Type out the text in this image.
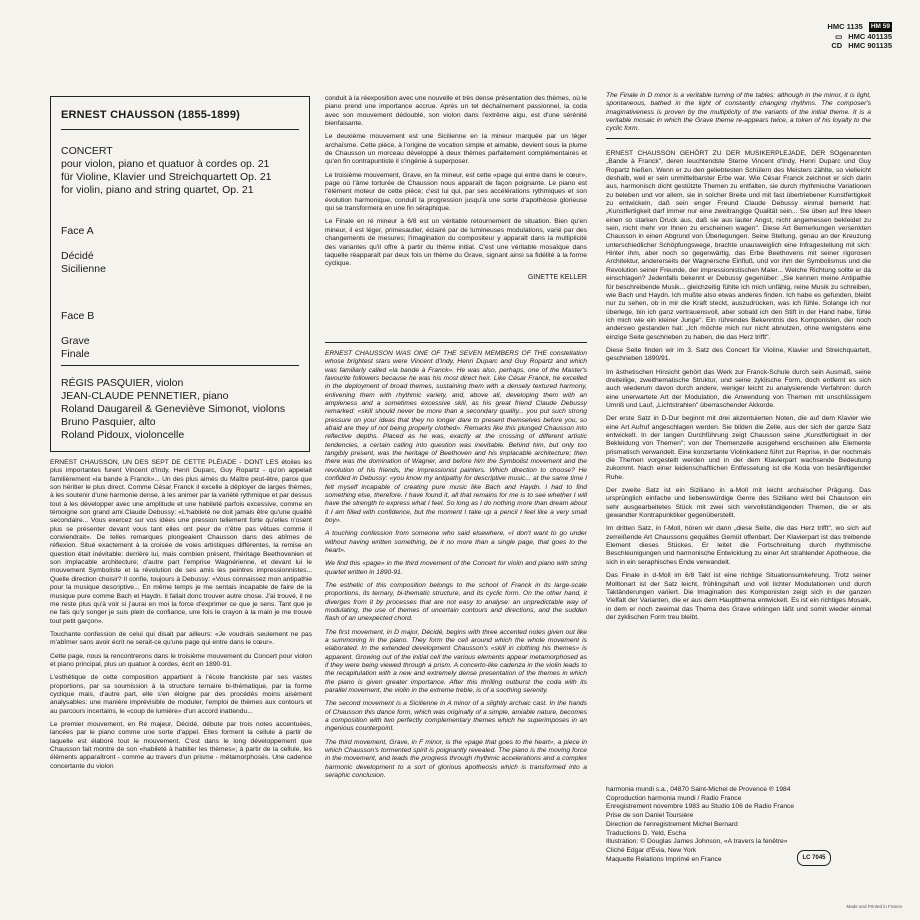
HMC 1135	HM 59
▭ HMC 401135
CD HMC 901135
ERNEST CHAUSSON (1855-1899)
CONCERT
pour violon, piano et quatuor à cordes op. 21
für Violine, Klavier und Streichquartett Op. 21
for violin, piano and string quartet, Op. 21
Face A
Décidé
Sicilienne
Face B
Grave
Finale
RÉGIS PASQUIER, violon
JEAN-CLAUDE PENNETIER, piano
Roland Daugareil & Geneviève Simonot, violons
Bruno Pasquier, alto
Roland Pidoux, violoncelle

ERNEST CHAUSSON, UN DES SEPT DE CETTE PLÉIADE - DONT LES étoiles les plus importantes furent Vincent d'Indy, Henri Duparc, Guy Ropartz - qu'on appelait familièrement «la bande à Franck»... Un des plus aimés du Maître peut-être, parce que son héritier le plus direct. Comme César Franck il excelle à déployer de larges thèmes, à les soutenir d'une harmonie dense, à les animer par la variété rythmique et par dessus tout à les développer avec une amplitude et une habileté parfois excessive, comme en témoigne son grand ami Claude Debussy: «L'habileté ne doit jamais être qu'une qualité secondaire... Vous exercez sur vos idées une pression tellement forte qu'elles n'osent plus se présenter devant vous tant elles ont peur de n'être pas vêtues comme il conviendrait». De telles remarques plongeaient Chausson dans des abîmes de réflexion. Situé exactement à la croisée de voies artistiques différentes, la remise en question était inévitable: derrière lui, mais combien présent, l'héritage Beethovenien et son implacable architecture; d'autre part l'emprise Wagnérienne, et devant lui le mouvement Symboliste et la révolution de ses amis les peintres impressionnistes... Quelle direction choisir? Il confie, toujours à Debussy: «Vous connaissez mon antipathie pour la musique descriptive... En même temps je me sentais incapable de faire de la musique pure comme Bach et Haydn. Il fallait donc trouver autre chose. J'ai trouvé, il ne me reste plus qu'à voir si j'aurai en moi la force d'exprimer ce que je sens. Tant que je ne fais qu'y songer je suis plein de confiance, une fois le crayon à la main je me trouve tout petit garçon».

Touchante confession de celui qui disait par ailleurs: «Je voudrais seulement ne pas m'abîmer sans avoir écrit ne serait-ce qu'une page qui entre dans le cœur».

Cette page, nous la rencontrerons dans le troisième mouvement du Concert pour violon et piano principal, plus un quatuor à cordes, écrit en 1890-91.

L'esthétique de cette composition appartient à l'école franckiste par ses vastes proportions, par sa soumission à la structure ternaire bi-thématique, par la forme cyclique mais, d'autre part, elle s'en éloigne par des procédés moins aisément analysables: une manière imprévisible de moduler, l'emploi de thèmes aux contours et au parcours incertains, le «coup de lumière» d'un accord inattendu...

Le premier mouvement, en Ré majeur, Décidé, débute par trois notes accentuées, lancées par le piano comme une sorte d'appel. Elles forment la cellule à partir de laquelle est élaboré tout le mouvement. C'est dans le long développement que Chausson fait montre de son «habileté à habiller les thèmes»; à partir de la cellule, les éléments apparaîtront - comme au travers d'un prisme - métamorphosés. Une cadence concertante du violon

conduit à la réexposition avec une nouvelle et très dense présentation des thèmes, où le piano prend une importance accrue. Après un tel déchaînement passionnel, la coda avec son mouvement dédoublé, son violon dans l'extrême aigu, est d'une sérénité bienfaisante.

Le deuxième mouvement est une Sicilienne en la mineur marquée par un léger archaïsme. Cette pièce, à l'origine de vocation simple et aimable, devient sous la plume de Chausson un morceau développé à deux thèmes parfaitement complémentaires et qu'en fin contrapuntiste il s'ingénie à superposer.

Le troisième mouvement, Grave, en fa mineur, est cette «page qui entre dans le cœur», page où l'âme torturée de Chausson nous apparaît de façon poignante. Le piano est l'élément moteur de cette pièce; c'est lui qui, par ses accélérations rythmiques et son évolution harmonique, conduit la progression jusqu'à une sorte d'apothéose glorieuse qui se transformera en une fin séraphique.

Le Finale en ré mineur à 6/8 est un véritable retournement de situation. Bien qu'en mineur, il est léger, primesautier, éclairé par de lumineuses modulations, varié par des changements de mesures; l'imagination du compositeur y apparaît dans la multiplicité des variantes qu'il offre à partir du thème initial. C'est une véritable mosaïque dans laquelle réapparaît par deux fois un thème du Grave, signant ainsi sa fidélité à la forme cyclique.

GINETTE KELLER

ERNEST CHAUSSON WAS ONE OF THE SEVEN MEMBERS OF THE constellation whose brightest stars were Vincent d'Indy, Henri Duparc and Guy Ropartz and which was familiarly called «la bande à Franck». He was also, perhaps, one of the Master's favourite followers because he was his most direct heir. Like César Franck, he excelled in the deployment of broad themes, sustaining them with a densely textured harmony, enlivening them with rhythmic variety, and, above all, developing them with an ampleness and a sometimes excessive skill, as his great friend Claude Debussy remarked: «skill should never be more than a secondary quality... you put such strong pressure on your ideas that they no longer dare to present themselves before you, so afraid are they of not being properly clothed». Remarks like this plunged Chausson into reflective depths. Placed as he was, exactly at the crossing of different artistic tendencies, a certain calling into question was inevitable. Behind him, but only too tangibly present, was the heritage of Beethoven and his implacable architecture; then there was the domination of Wagner, and before him the Symbolist movement and the revolution of his friends, the Impressionist painters. Which direction to choose? He confided in Debussy: «you know my antipathy for descriptive music... at the same time I felt myself incapable of creating pure music like Bach and Haydn. I had to find something else, therefore. I have found it, all that remains for me is to see whether I will have the strength to express what I feel. So long as I do nothing more than dream about it I am filled with confidence, but the moment I take up a pencil I feel like a very small boy».

A touching confession from someone who said elsewhere, «I don't want to go under without having written something, be it no more than a single page, that goes to the heart».

We find this «page» in the third movement of the Concert for violin and piano with string quartet written in 1890-91.

The esthetic of this composition belongs to the school of Franck in its large-scale proportions, its ternary, bi-thematic structure, and its cyclic form. On the other hand, it diverges from it by processes that are not easy to analyse: an unpredictable way of modulating, the use of themes of uncertain contours and directions, and the sudden flash of an unexpected chord.

The first movement, in D major, Décidé, begins with three accented notes given out like a summoning in the piano. They form the cell around which the whole movement is elaborated. In the extended development Chausson's «skill in clothing his themes» is apparent. Growing out of the initial cell the various elements appear metamorphosed as if they were being viewed through a prism. A concerto-like cadenza in the violin leads to the recapitulation with a new and extremely dense presentation of the themes in which the piano is given greater importance. After this thrilling outburst the coda with its parallel movement, the violin in the extreme treble, is of a soothing serenity.

The second movement is a Sicilienne in A minor of a slightly archaic cast. In the hands of Chausson this dance form, which was originally of a simple, amiable nature, becomes a composition with two perfectly complementary themes which he superimposes in an ingenious counterpoint.

The third movement, Grave, in F minor, is the «page that goes to the heart», a piece in which Chausson's tormented spirit is poignantly revealed. The piano is the moving force in the movement, and leads the progress through rhythmic accelerations and a complex harmonic development to a sort of glorious apotheosis which is transformed into a seraphic conclusion.

The Finale in D minor is a veritable turning of the tables: although in the minor, it is light, spontaneous, bathed in the light of constantly changing rhythms. The composer's imaginativeness is proven by the multiplicity of the variants of the initial theme. It is a veritable mosaic in which the Grave theme re-appears twice, a token of his loyalty to the cyclic form.

ERNEST CHAUSSON GEHÖRT ZU DER MUSIKERPLEJADE, DER SOgenannten „Bande à Franck", deren leuchtendste Sterne Vincent d'Indy, Henri Duparc und Guy Ropartz hießen. Wenn er zu den geliebtesten Schülern des Meisters zählte, so vielleicht deshalb, weil er sein unmittelbarster Erbe war. Wie César Franck zeichnet er sich darin aus, harmonisch dicht gestützte Themen zu entfalten, sie durch rhythmische Variationen zu beleben und vor allem, sie in solcher Breite und mit fast übertriebener Kunstfertigkeit zu entwickeln, daß sein enger Freund Claude Debussy einmal bemerkt hat: „Kunstfertigkeit darf immer nur eine zweitrangige Qualität sein... Sie üben auf Ihre Ideen einen so starken Druck aus, daß sie aus lauter Angst, nicht angemessen bekleidet zu sein, nicht mehr vor Ihnen zu erscheinen wagen". Diese Art Bemerkungen versenkten Chausson in einen Abgrund von Überlegungen. Seine Stellung, genau an der Kreuzung unterschiedlicher Schöpfungswege, brachte unausweiglich eine Infragestellung mit sich: Hinter ihm, aber noch so gegenwärtig, das Erbe Beethovens mit seiner rigorosen Architektur, andererseits der Wagnersche Einfluß, und vor ihm der Symbolismus und die Revolution seiner Freunde, der impressionistischen Maler... Welche Richtung sollte er da einschlagen? Jedenfalls bekennt er Debussy gegenüber: „Sie kennen meine Antipathie für beschreibende Musik... gleichzeitig fühlte ich mich unfähig, reine Musik zu schreiben, wie Bach und Haydn. Ich mußte also etwas anderes finden. Ich habe es gefunden, bleibt nur zu sehen, ob in mir die Kraft steckt, auszudrücken, was ich fühle. Solange ich nur überlege, bin ich ganz vertrauensvoll, aber sobald ich den Stift in der Hand habe, fühle ich mich wie ein kleiner Junge". Ein rührendes Bekenntnis des Komponisten, der noch anderswo gestanden hat: „Ich möchte mich nur nicht abnutzen, ohne wenigstens eine einzige Seite geschrieben zu haben, die das Herz trifft".

Diese Seite finden wir im 3. Satz des Concert für Violine, Klavier und Streichquartett, geschrieben 1890/91.

Im ästhetischen Hinsicht gehört das Werk zur Franck-Schule durch sein Ausmaß, seine dreiteilige, zweithematische Struktur, und seine zyklische Form, doch entfernt es sich auch wiederum davon durch andere, weniger leicht zu analysierende Verfahren: durch eine unerwartete Art der Modulation, die Anwendung von Themen mit unschlüssigem Umriß und Lauf, „Lichtstrahlen" überraschender Akkorde.

Der erste Satz in D-Dur beginnt mit drei akzentuierten Noten, die auf dem Klavier wie eine Art Aufruf angeschlagen werden. Sie bilden die Zelle, aus der sich der ganze Satz entwickelt. In der langen Durchführung zeigt Chausson seine „Kunstfertigkeit in der Bekleidung von Themen"; von der Themenzelle ausgehend erscheinen alle Elemente prismatisch verwandelt. Eine konzertante Violinkadenz führt zur Reprise, in der nochmals die Themen vorgestellt werden und in der dem Klavierpart wachsende Bedeutung zukommt. Nach einer leidenschaftlichen Entfesselung ist die Koda von besänftigender Ruhe.

Der zweite Satz ist ein Siziliano in a-Moll mit leicht archaischer Prägung. Das ursprünglich einfache und liebenswürdige Genre des Siziliano wird bei Chausson ein sehr ausgearbeitetes Stück mit zwei sich vervollständigenden Themen, die er als gewandter Kontrapunktiker gegenüberstellt.

Im dritten Satz, in f-Moll, hören wir dann „diese Seite, die das Herz trifft", wo sich auf zerreißende Art Chaussons gequältes Gemüt offenbart. Der Klavierpart ist das treibende Element dieses Stückes. Er leitet die Fortschreitung durch rhythmische Beschleunigungen und harmonische Entwicklung zu einer Art strahlender Apotheose, die sich in ein seraphisches Ende verwandelt.

Das Finale in d-Moll im 6/8 Takt ist eine richtige Situationsumkehrung. Trotz seiner Molltonart ist der Satz leicht, frühlingshaft und voll lichter Modulationen und durch Taktänderungen variiert. Die Imagination des Komponisten zeigt sich in der ganzen Vielfalt der Varianten, die er aus dem Hauptthema entwickelt. Es ist ein richtiges Mosaik, in dem er noch zweimal das Thema des Grave erklingen läßt und somit wieder einmal der zyklischen Form treu bleibt.

harmonia mundi s.a., 04870 Saint-Michel de Provence ℗ 1984
Coproduction harmonia mundi / Radio France
Enregistrement novembre 1983 au Studio 106 de Radio France
Prise de son Daniel Toursière
Direction de l'enregistrement Michel Bernard
Traductions D. Yeld, Escha
Illustration: © Douglas James Johnson, «A travers la fenêtre»
Cliché Edgar d'Evia, New York
Maquette Relations Imprimé en France	LC
7045
Made and Printed in France
